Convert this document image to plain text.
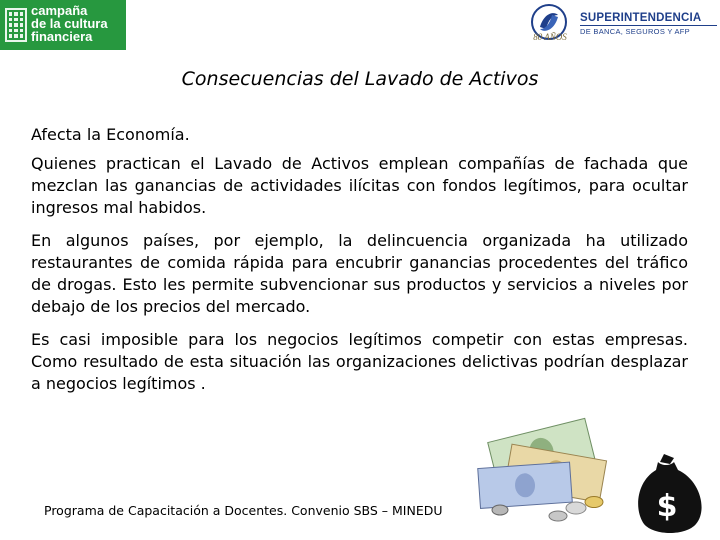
campaña
de la cultura
financiera	80 AÑOS
SUPERINTENDENCIA
DE BANCA, SEGUROS Y AFP
Consecuencias del Lavado de Activos

Afecta la Economía.

Quienes practican el Lavado de Activos emplean compañías de fachada que mezclan las ganancias de actividades ilícitas con fondos legítimos, para ocultar ingresos mal habidos.

En algunos países, por ejemplo, la delincuencia organizada ha utilizado restaurantes de comida rápida para encubrir ganancias procedentes del tráfico de drogas. Esto les permite subvencionar sus productos y servicios a niveles por debajo de los precios del mercado.

Es casi imposible para los negocios legítimos competir con estas empresas. Como resultado de esta situación las organizaciones delictivas podrían desplazar a negocios legítimos .

$
Programa de Capacitación a Docentes. Convenio SBS – MINEDU
